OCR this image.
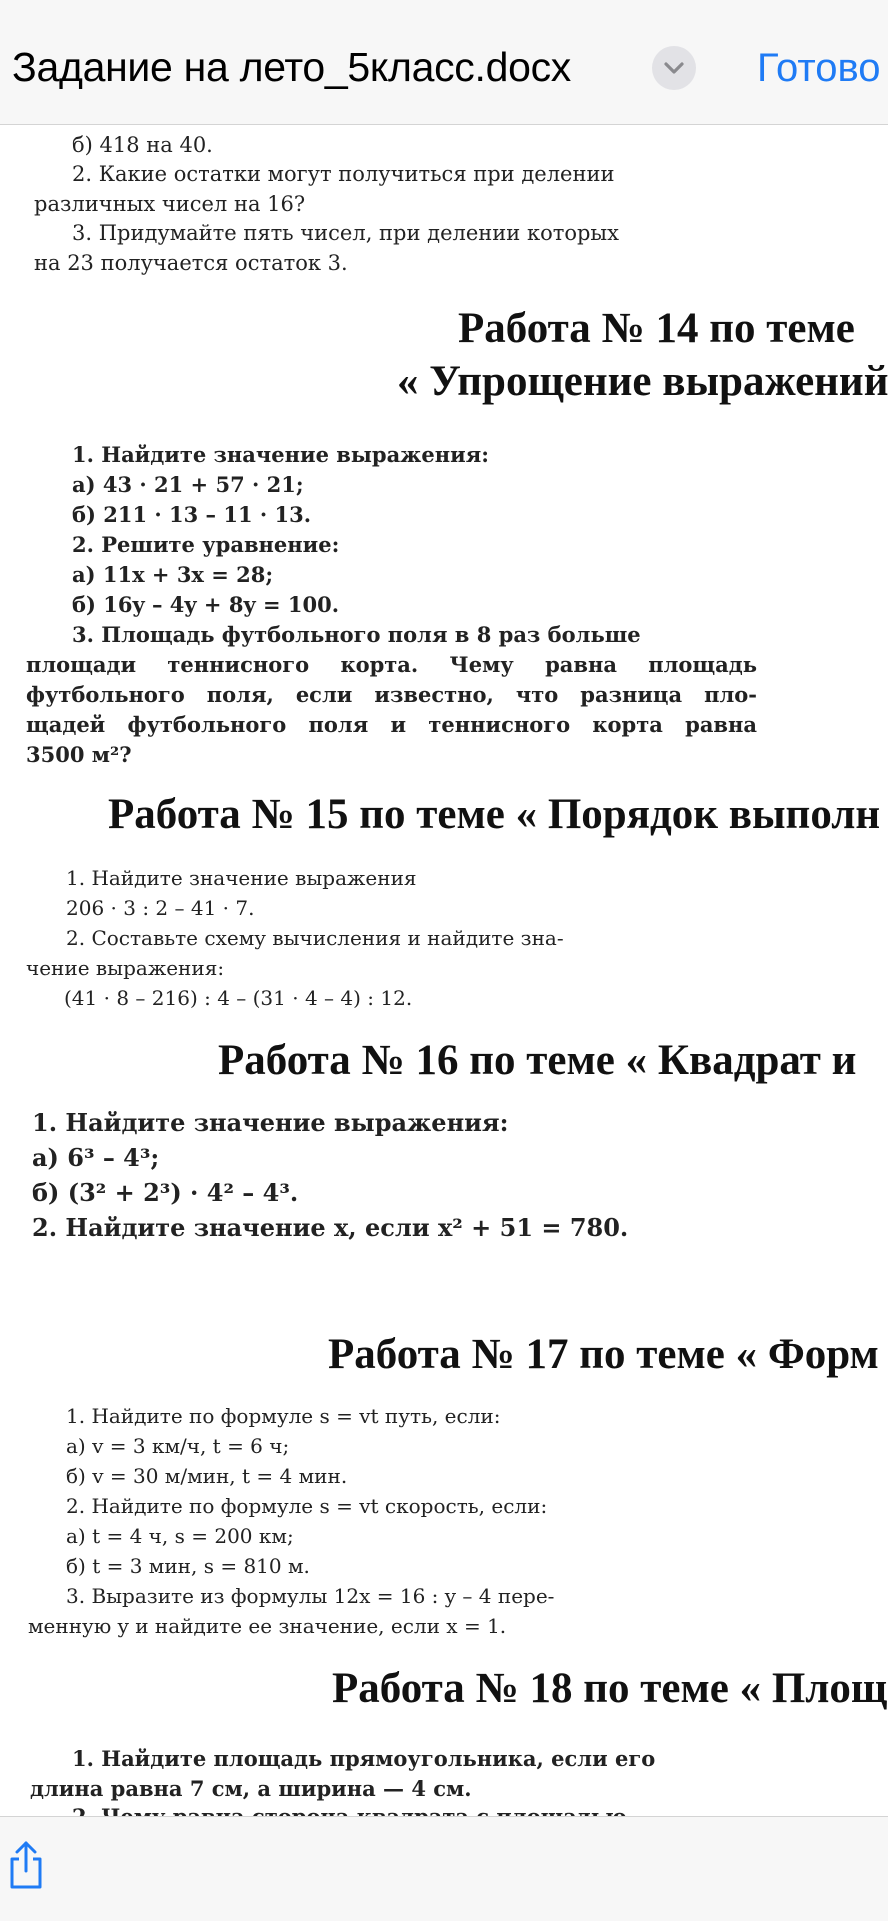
Задание на лето_5класс.docx	Готово
б) 418 на 40.
2. Какие остатки могут получиться при делении
различных чисел на 16?
3. Придумайте пять чисел, при делении которых
на 23 получается остаток 3.
Работа № 14 по теме
« Упрощение выражений
1. Найдите значение выражения:
а) 43 · 21 + 57 · 21;
б) 211 · 13 – 11 · 13.
2. Решите уравнение:
а) 11x + 3x = 28;
б) 16y – 4y + 8y = 100.
3. Площадь футбольного поля в 8 раз больше
площади теннисного корта. Чему равна площадь
футбольного поля, если известно, что разница пло-
щадей футбольного поля и теннисного корта равна
3500 м²?
Работа № 15 по теме « Порядок выполн
1. Найдите значение выражения
206 · 3 : 2 – 41 · 7.
2. Составьте схему вычисления и найдите зна-
чение выражения:
(41 · 8 – 216) : 4 – (31 · 4 – 4) : 12.
Работа № 16 по теме « Квадрат и
1. Найдите значение выражения:
а) 6³ – 4³;
б) (3² + 2³) · 4² – 4³.
2. Найдите значение x, если x² + 51 = 780.
Работа № 17 по теме « Форм
1. Найдите по формуле s = vt путь, если:
а) v = 3 км/ч, t = 6 ч;
б) v = 30 м/мин, t = 4 мин.
2. Найдите по формуле s = vt скорость, если:
а) t = 4 ч, s = 200 км;
б) t = 3 мин, s = 810 м.
3. Выразите из формулы 12x = 16 : y – 4 пере-
менную y и найдите ее значение, если x = 1.
Работа № 18 по теме « Площ
1. Найдите площадь прямоугольника, если его
длина равна 7 см, а ширина — 4 см.
